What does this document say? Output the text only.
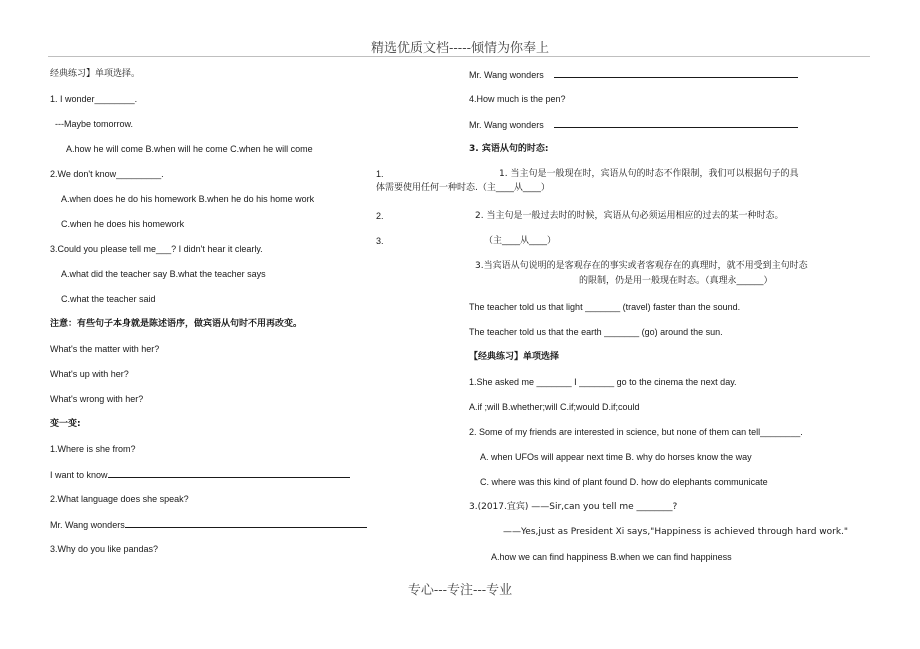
精选优质文档-----倾情为你奉上
经典练习】单项选择。
1. I wonder________.
---Maybe tomorrow.
A.how he will come B.when will he come C.when he will come
2.We don't know_________.
A.when does he do his homework B.when he do his home work
C.when he does his homework
3.Could you please tell me___? I didn't hear it clearly.
A.what did the teacher say B.what the teacher says
C.what the teacher said
注意：有些句子本身就是陈述语序，做宾语从句时不用再改变。
What's the matter with her?
What's up with her?
What's wrong with her?
变一变:
1.Where is she from?
I want to know
2.What language does she speak?
Mr. Wang wonders
3.Why do you like pandas?
Mr. Wang wonders
4.How much is the pen?
Mr. Wang wonders
3. 宾语从句的时态:
1.	1. 当主句是一般现在时，宾语从句的时态不作限制，我们可以根据句子的具
体需要使用任何一种时态.（主____从____）
2.	2. 当主句是一般过去时的时候，宾语从句必须运用相应的过去的某一种时态。
3.	（主____从____）
3.当宾语从句说明的是客观存在的事实或者客观存在的真理时，就不用受到主句时态
的限制，仍是用一般现在时态。（真理永______）
The teacher told us that light _______ (travel) faster than the sound.
The teacher told us that the earth _______ (go) around the sun.
【经典练习】单项选择
1.She asked me _______ I _______ go to the cinema the next day.
A.if ;will B.whether;will C.if;would D.if;could
2. Some of my friends are interested in science, but none of them can tell________.
A. when UFOs will appear next time B. why do horses know the way
C. where was this kind of plant found D. how do elephants communicate
3.(2017.宜宾) ——Sir,can you tell me ________?
——Yes,just as President Xi says,"Happiness is achieved through hard work."
A.how we can find happiness B.when we can find happiness
专心---专注---专业
